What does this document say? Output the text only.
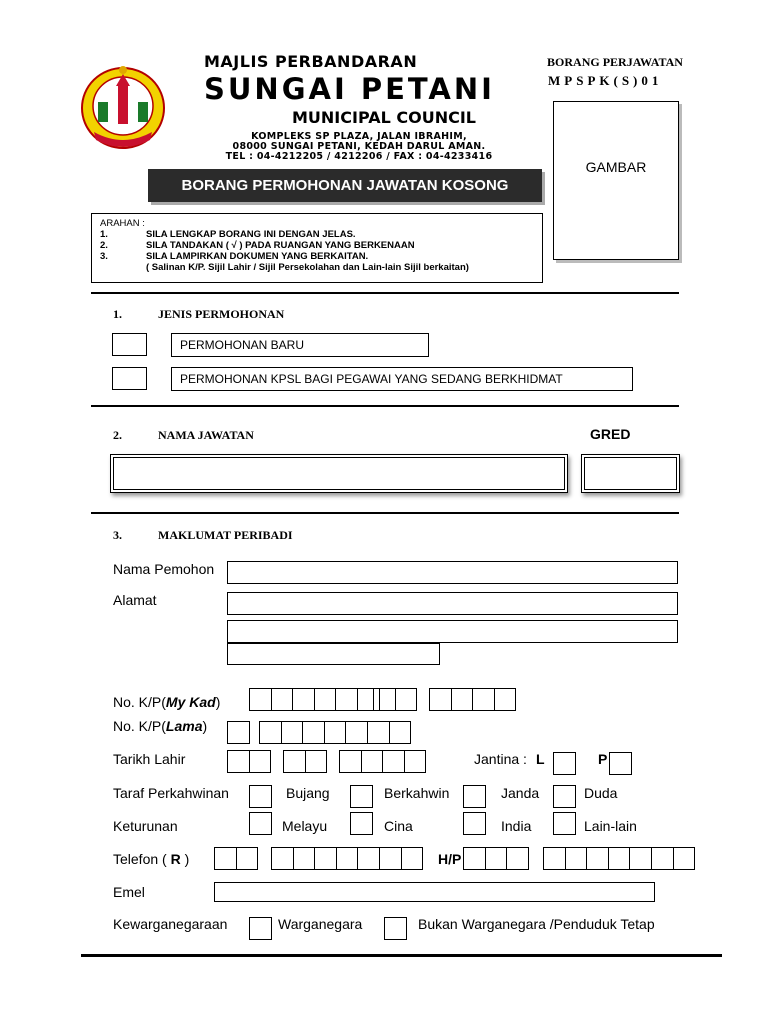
MAJLIS PERBANDARAN
SUNGAI PETANI
MUNICIPAL COUNCIL
KOMPLEKS SP PLAZA, JALAN IBRAHIM,
08000 SUNGAI PETANI, KEDAH DARUL AMAN.
TEL : 04-4212205 / 4212206 / FAX : 04-4233416
BORANG PERJAWATAN
MPSPK(S)01
GAMBAR
BORANG PERMOHONAN JAWATAN KOSONG
ARAHAN :
1.	SILA LENGKAP BORANG INI DENGAN JELAS.
2.	SILA TANDAKAN ( √ ) PADA RUANGAN YANG BERKENAAN
3.	SILA LAMPIRKAN DOKUMEN YANG BERKAITAN.
( Salinan K/P. Sijil Lahir / Sijil Persekolahan dan Lain-lain Sijil berkaitan)
1.	JENIS PERMOHONAN
PERMOHONAN BARU
PERMOHONAN KPSL BAGI PEGAWAI YANG SEDANG BERKHIDMAT
2.	NAMA JAWATAN	GRED
3.	MAKLUMAT PERIBADI
Nama Pemohon
Alamat
No. K/P(My Kad)
No. K/P(Lama)
Tarikh Lahir	Jantina : L	P
Taraf Perkahwinan	Bujang	Berkahwin	Janda	Duda
Keturunan	Melayu	Cina	India	Lain-lain
Telefon ( R )	H/P
Emel
Kewarganegaraan	Warganegara	Bukan Warganegara /Penduduk Tetap
